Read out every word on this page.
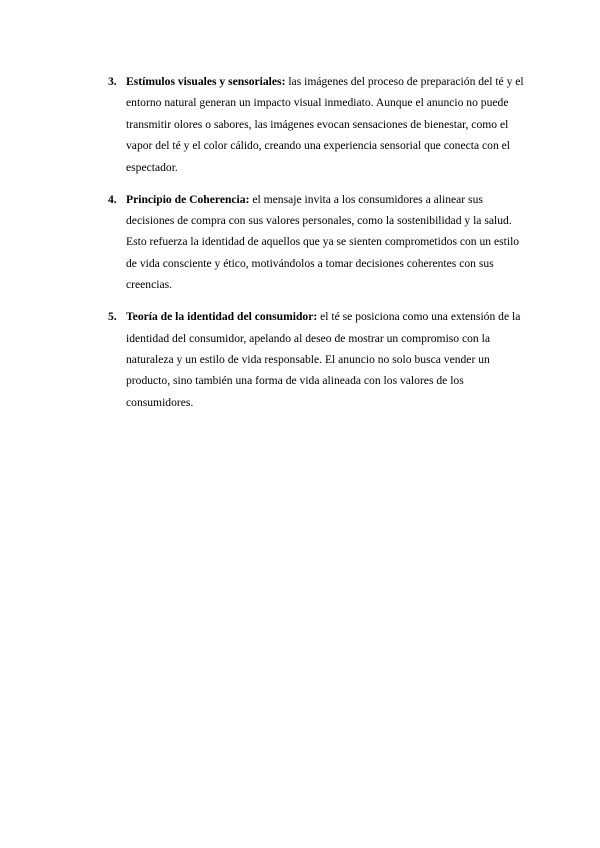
3. Estímulos visuales y sensoriales: las imágenes del proceso de preparación del té y el entorno natural generan un impacto visual inmediato. Aunque el anuncio no puede transmitir olores o sabores, las imágenes evocan sensaciones de bienestar, como el vapor del té y el color cálido, creando una experiencia sensorial que conecta con el espectador.
4. Principio de Coherencia: el mensaje invita a los consumidores a alinear sus decisiones de compra con sus valores personales, como la sostenibilidad y la salud. Esto refuerza la identidad de aquellos que ya se sienten comprometidos con un estilo de vida consciente y ético, motivándolos a tomar decisiones coherentes con sus creencias.
5. Teoría de la identidad del consumidor: el té se posiciona como una extensión de la identidad del consumidor, apelando al deseo de mostrar un compromiso con la naturaleza y un estilo de vida responsable. El anuncio no solo busca vender un producto, sino también una forma de vida alineada con los valores de los consumidores.
